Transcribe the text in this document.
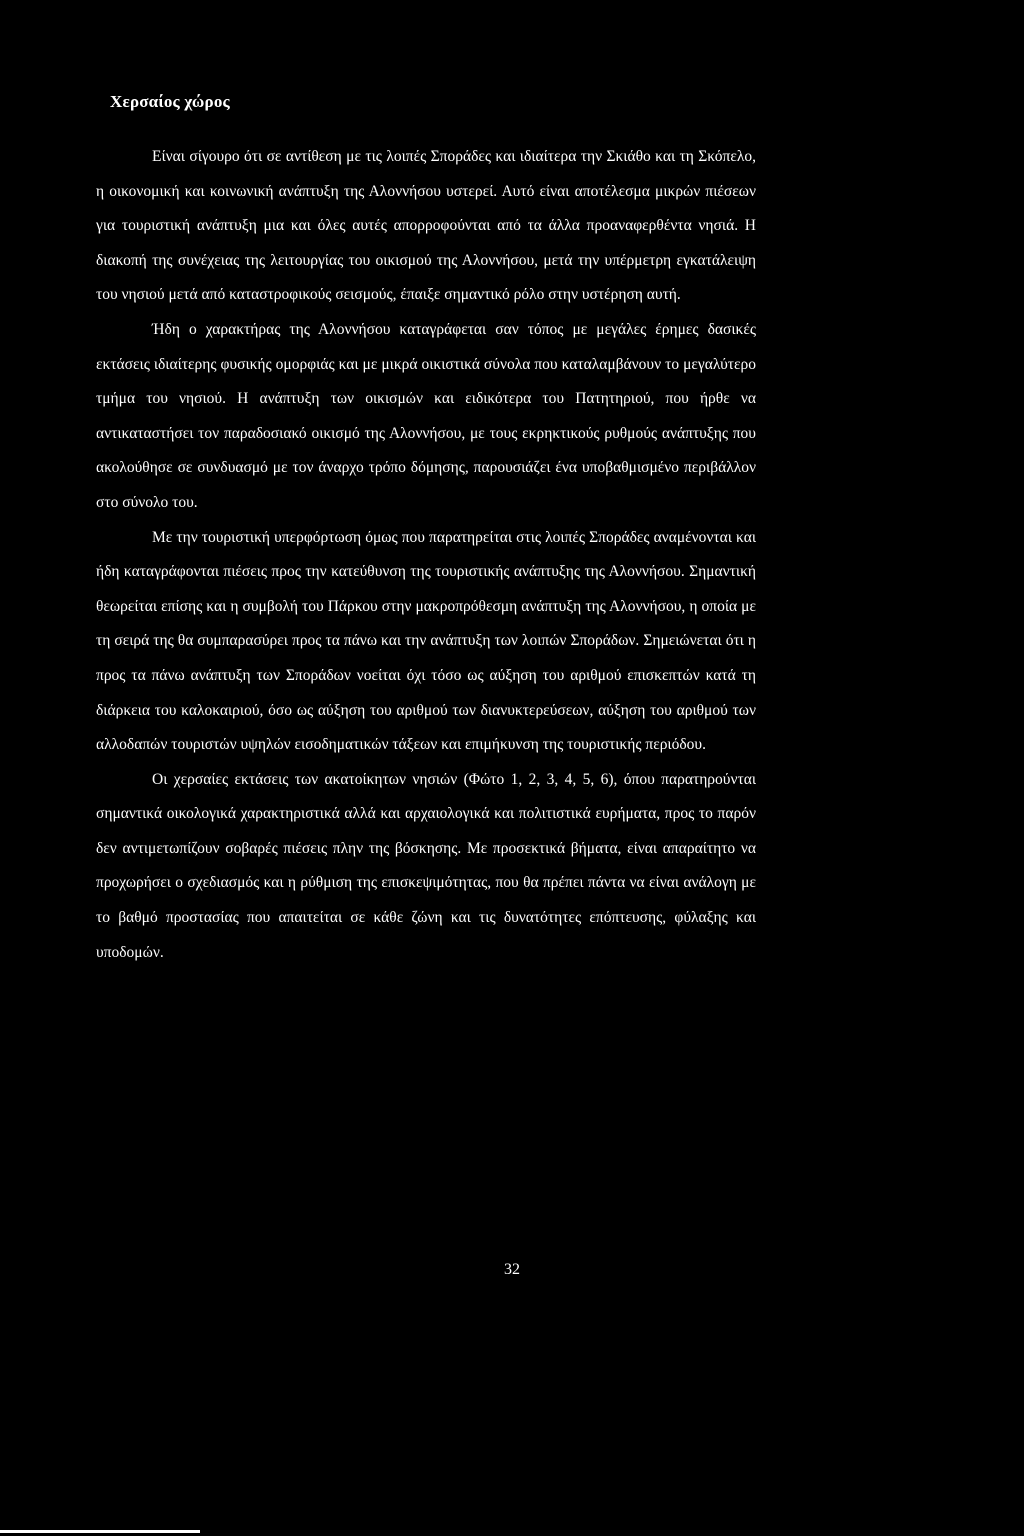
Χερσαίος χώρος

Είναι σίγουρο ότι σε αντίθεση με τις λοιπές Σποράδες και ιδιαίτερα την Σκιάθο και τη Σκόπελο, η οικονομική και κοινωνική ανάπτυξη της Αλοννήσου υστερεί. Αυτό είναι αποτέλεσμα μικρών πιέσεων για τουριστική ανάπτυξη μια και όλες αυτές απορροφούνται από τα άλλα προαναφερθέντα νησιά. Η διακοπή της συνέχειας της λειτουργίας του οικισμού της Αλοννήσου, μετά την υπέρμετρη εγκατάλειψη του νησιού μετά από καταστροφικούς σεισμούς, έπαιξε σημαντικό ρόλο στην υστέρηση αυτή.

Ήδη ο χαρακτήρας της Αλοννήσου καταγράφεται σαν τόπος με μεγάλες έρημες δασικές εκτάσεις ιδιαίτερης φυσικής ομορφιάς και με μικρά οικιστικά σύνολα που καταλαμβάνουν το μεγαλύτερο τμήμα του νησιού. Η ανάπτυξη των οικισμών και ειδικότερα του Πατητηριού, που ήρθε να αντικαταστήσει τον παραδοσιακό οικισμό της Αλοννήσου, με τους εκρηκτικούς ρυθμούς ανάπτυξης που ακολούθησε σε συνδυασμό με τον άναρχο τρόπο δόμησης, παρουσιάζει ένα υποβαθμισμένο περιβάλλον στο σύνολο του.

Με την τουριστική υπερφόρτωση όμως που παρατηρείται στις λοιπές Σποράδες αναμένονται και ήδη καταγράφονται πιέσεις προς την κατεύθυνση της τουριστικής ανάπτυξης της Αλοννήσου. Σημαντική θεωρείται επίσης και η συμβολή του Πάρκου στην μακροπρόθεσμη ανάπτυξη της Αλοννήσου, η οποία με τη σειρά της θα συμπαρασύρει προς τα πάνω και την ανάπτυξη των λοιπών Σποράδων. Σημειώνεται ότι η προς τα πάνω ανάπτυξη των Σποράδων νοείται όχι τόσο ως αύξηση του αριθμού επισκεπτών κατά τη διάρκεια του καλοκαιριού, όσο ως αύξηση του αριθμού των διανυκτερεύσεων, αύξηση του αριθμού των αλλοδαπών τουριστών υψηλών εισοδηματικών τάξεων και επιμήκυνση της τουριστικής περιόδου.

Οι χερσαίες εκτάσεις των ακατοίκητων νησιών (Φώτο 1, 2, 3, 4, 5, 6), όπου παρατηρούνται σημαντικά οικολογικά χαρακτηριστικά αλλά και αρχαιολογικά και πολιτιστικά ευρήματα, προς το παρόν δεν αντιμετωπίζουν σοβαρές πιέσεις πλην της βόσκησης. Με προσεκτικά βήματα, είναι απαραίτητο να προχωρήσει ο σχεδιασμός και η ρύθμιση της επισκεψιμότητας, που θα πρέπει πάντα να είναι ανάλογη με το βαθμό προστασίας που απαιτείται σε κάθε ζώνη και τις δυνατότητες επόπτευσης, φύλαξης και υποδομών.

32
